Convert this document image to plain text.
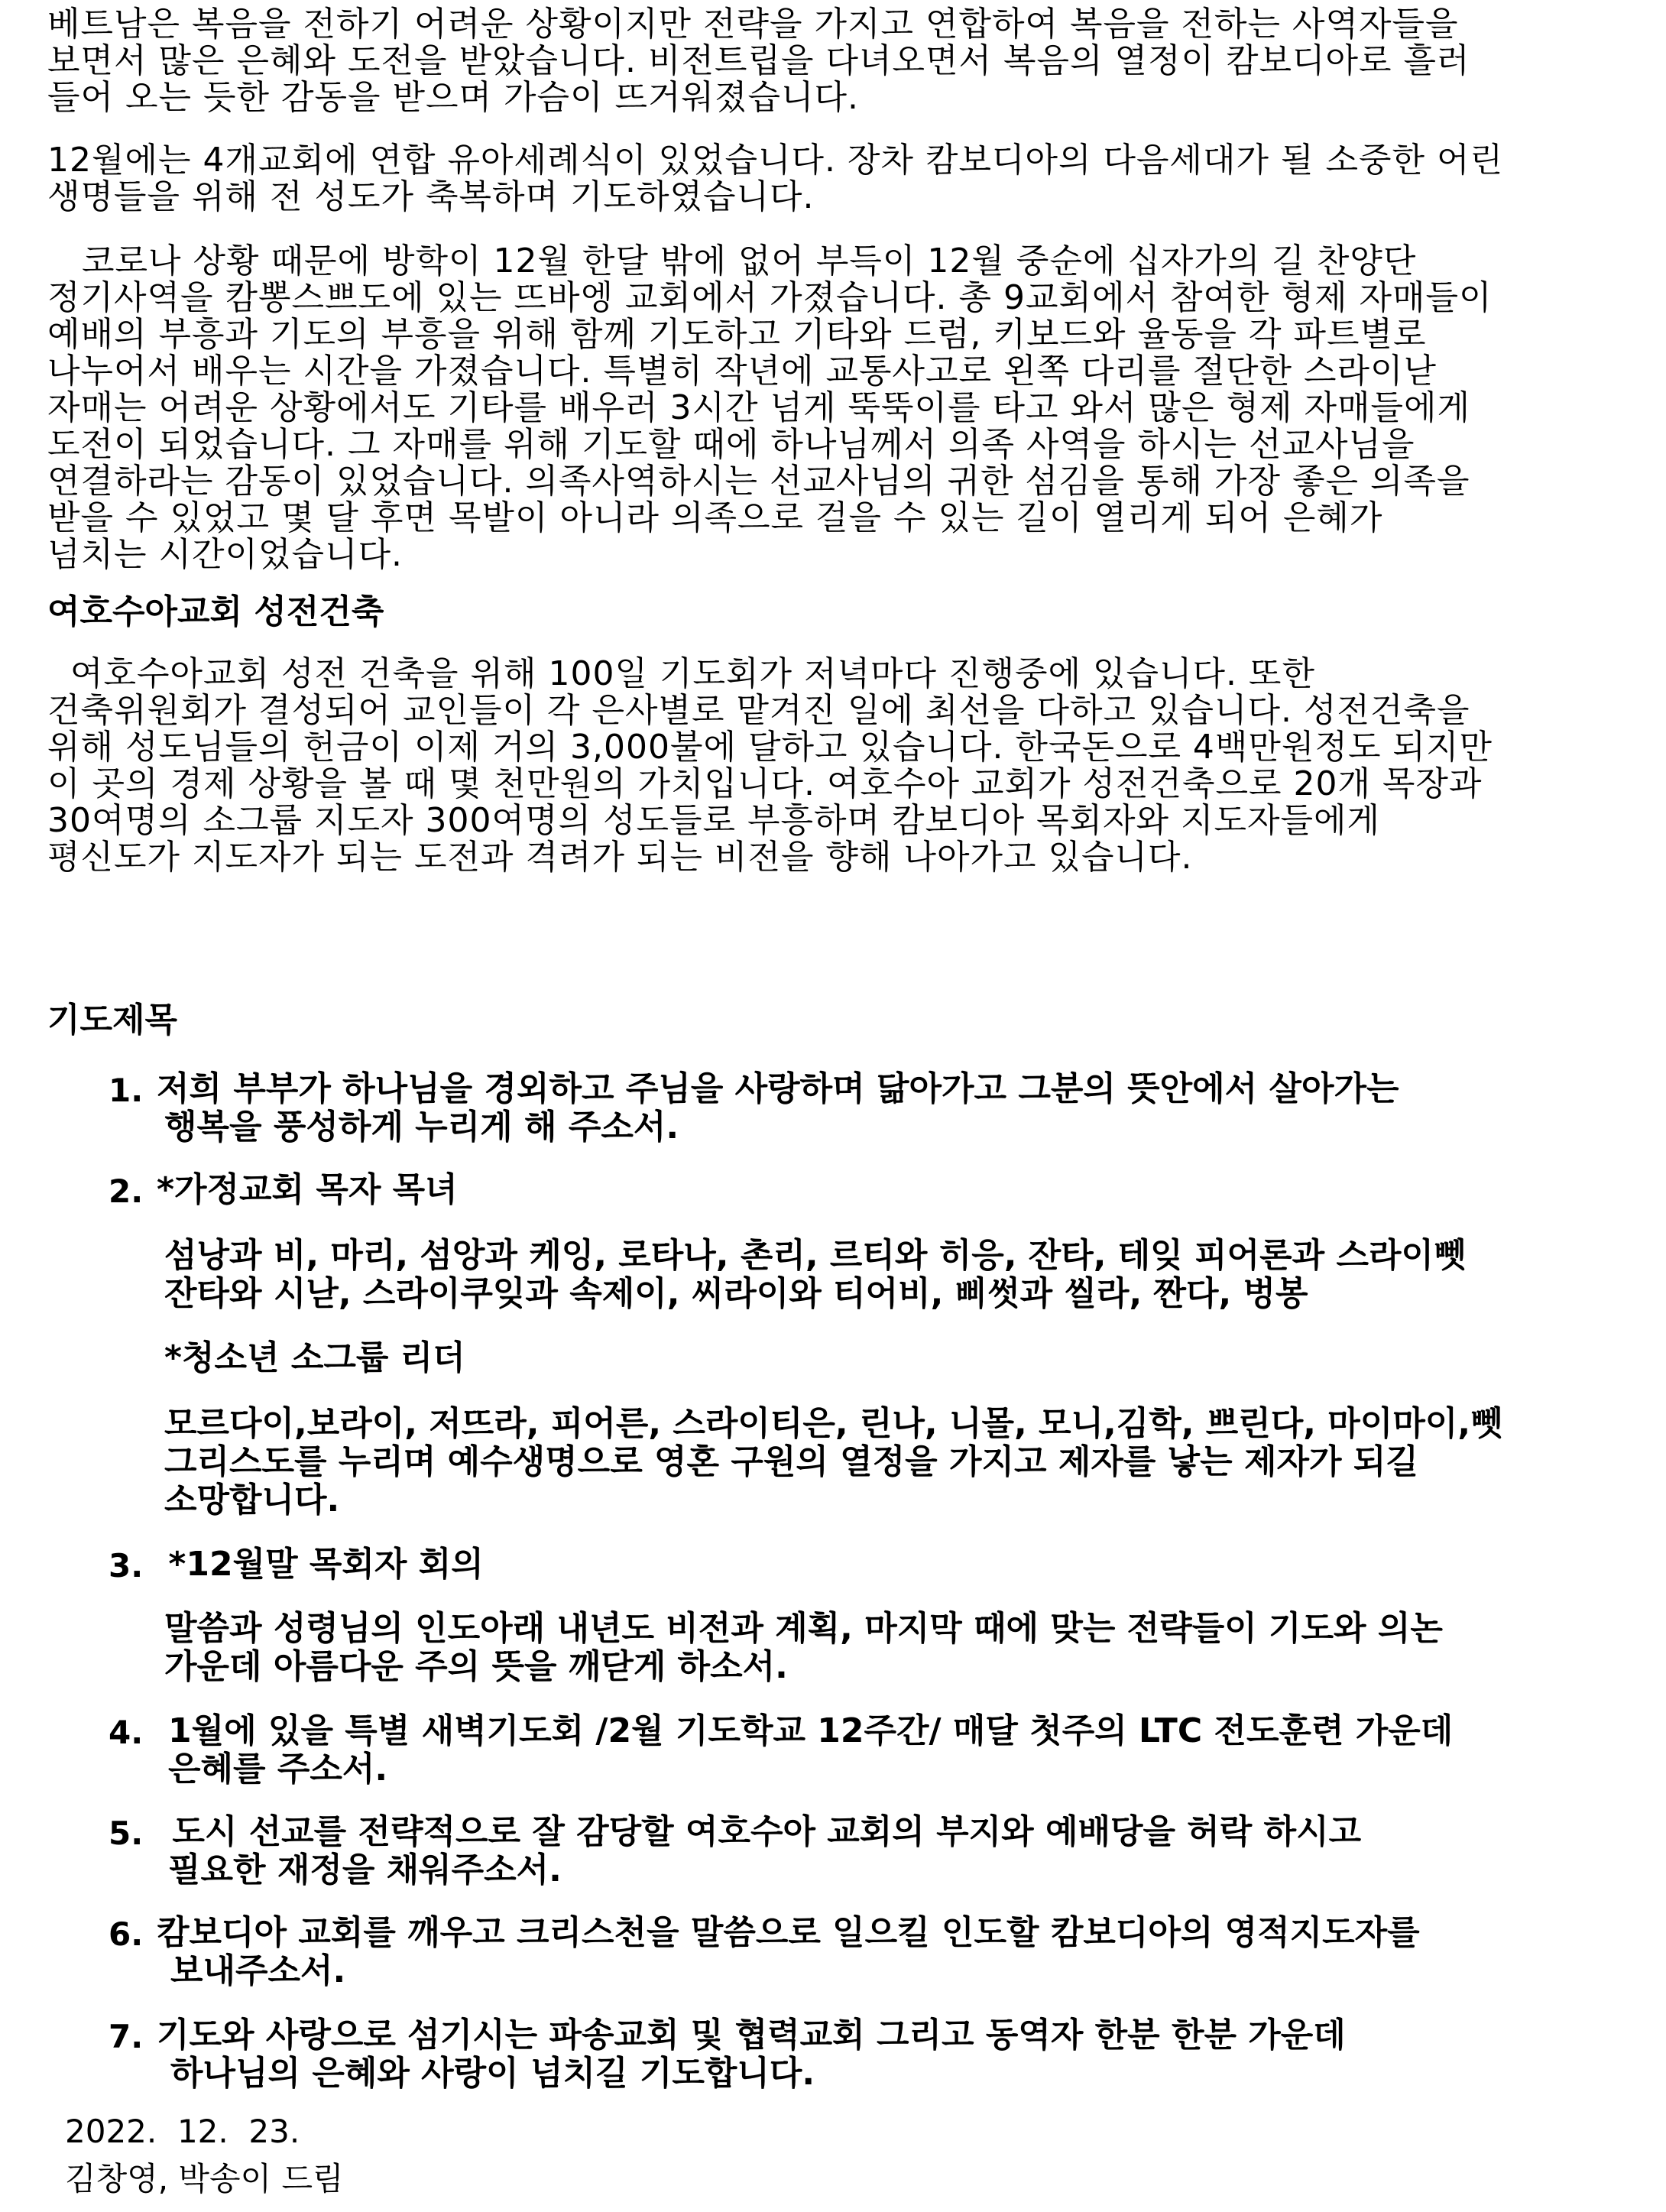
베트남은 복음을 전하기 어려운 상황이지만 전략을 가지고 연합하여 복음을 전하는 사역자들을
보면서 많은 은혜와 도전을 받았습니다. 비전트립을 다녀오면서 복음의 열정이 캄보디아로 흘러
들어 오는 듯한 감동을 받으며 가슴이 뜨거워졌습니다.
12월에는 4개교회에 연합 유아세례식이 있었습니다. 장차 캄보디아의 다음세대가 될 소중한 어린
생명들을 위해 전 성도가 축복하며 기도하였습니다.
코로나 상황 때문에 방학이 12월 한달 밖에 없어 부득이 12월 중순에 십자가의 길 찬양단
정기사역을 캄뽕스쁘도에 있는 뜨바엥 교회에서 가졌습니다. 총 9교회에서 참여한 형제 자매들이
예배의 부흥과 기도의 부흥을 위해 함께 기도하고 기타와 드럼, 키보드와 율동을 각 파트별로
나누어서 배우는 시간을 가졌습니다. 특별히 작년에 교통사고로 왼쪽 다리를 절단한 스라이낟
자매는 어려운 상황에서도 기타를 배우러 3시간 넘게 뚝뚝이를 타고 와서 많은 형제 자매들에게
도전이 되었습니다. 그 자매를 위해 기도할 때에 하나님께서 의족 사역을 하시는 선교사님을
연결하라는 감동이 있었습니다. 의족사역하시는 선교사님의 귀한 섬김을 통해 가장 좋은 의족을
받을 수 있었고 몇 달 후면 목발이 아니라 의족으로 걸을 수 있는 길이 열리게 되어 은혜가
넘치는 시간이었습니다.
여호수아교회 성전건축
여호수아교회 성전 건축을 위해 100일 기도회가 저녁마다 진행중에 있습니다. 또한
건축위원회가 결성되어 교인들이 각 은사별로 맡겨진 일에 최선을 다하고 있습니다. 성전건축을
위해 성도님들의 헌금이 이제 거의 3,000불에 달하고 있습니다. 한국돈으로 4백만원정도 되지만
이 곳의 경제 상황을 볼 때 몇 천만원의 가치입니다. 여호수아 교회가 성전건축으로 20개 목장과
30여명의 소그룹 지도자 300여명의 성도들로 부흥하며 캄보디아 목회자와 지도자들에게
평신도가 지도자가 되는 도전과 격려가 되는 비전을 향해 나아가고 있습니다.
기도제목
1. 저희 부부가 하나님을 경외하고 주님을 사랑하며 닮아가고 그분의 뜻안에서 살아가는
행복을 풍성하게 누리게 해 주소서.
2. *가정교회 목자 목녀
섬낭과 비, 마리, 섬앙과 케잉, 로타나, 촌리, 르티와 히응, 잔타, 테잊 피어론과 스라이뻿
잔타와 시낟, 스라이쿠잊과 속제이, 씨라이와 티어비, 삐썻과 씰라, 짠다, 벙봉
*청소년 소그룹 리더
모르다이,보라이, 저뜨라, 피어른, 스라이티은, 린나, 니몰, 모니,김학, 쁘린다, 마이마이,뻿
그리스도를 누리며 예수생명으로 영혼 구원의 열정을 가지고 제자를 낳는 제자가 되길
소망합니다.
3. *12월말 목회자 회의
말씀과 성령님의 인도아래 내년도 비전과 계획, 마지막 때에 맞는 전략들이 기도와 의논
가운데 아름다운 주의 뜻을 깨닫게 하소서.
4. 1월에 있을 특별 새벽기도회 /2월 기도학교 12주간/ 매달 첫주의 LTC 전도훈련 가운데
은혜를 주소서.
5. 도시 선교를 전략적으로 잘 감당할 여호수아 교회의 부지와 예배당을 허락 하시고
필요한 재정을 채워주소서.
6. 캄보디아 교회를 깨우고 크리스천을 말씀으로 일으킬 인도할 캄보디아의 영적지도자를
보내주소서.
7. 기도와 사랑으로 섬기시는 파송교회 및 협력교회 그리고 동역자 한분 한분 가운데
하나님의 은혜와 사랑이 넘치길 기도합니다.
2022.  12.  23.
김창영, 박송이 드림
